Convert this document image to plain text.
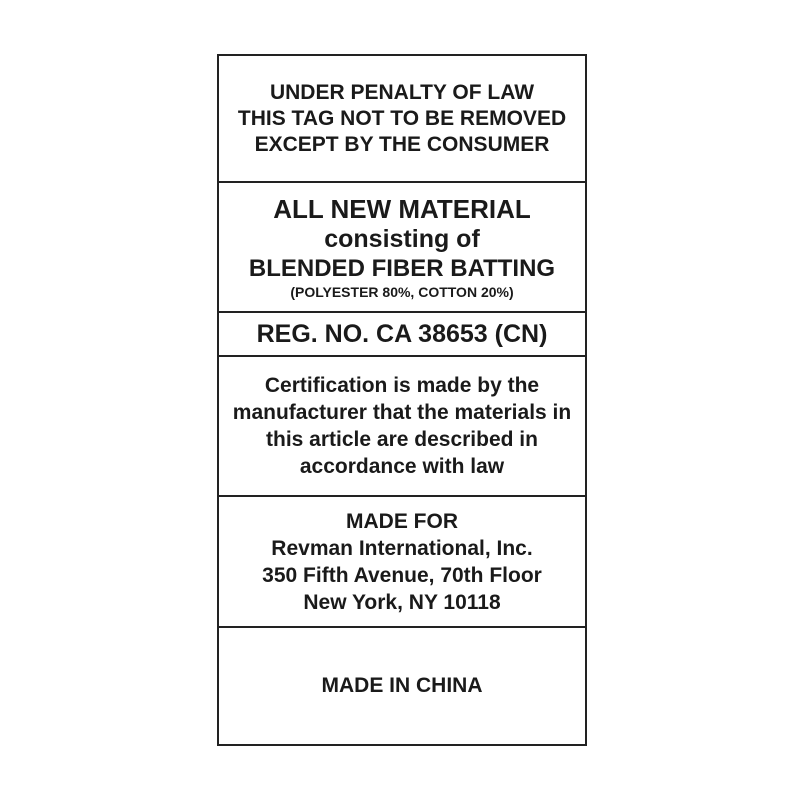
UNDER PENALTY OF LAW
THIS TAG NOT TO BE REMOVED
EXCEPT BY THE CONSUMER
ALL NEW MATERIAL
consisting of
BLENDED FIBER BATTING
(POLYESTER 80%, COTTON 20%)
REG. NO. CA 38653 (CN)
Certification is made by the
manufacturer that the materials in
this article are described in
accordance with law
MADE FOR
Revman International, Inc.
350 Fifth Avenue, 70th Floor
New York, NY 10118
MADE IN CHINA
